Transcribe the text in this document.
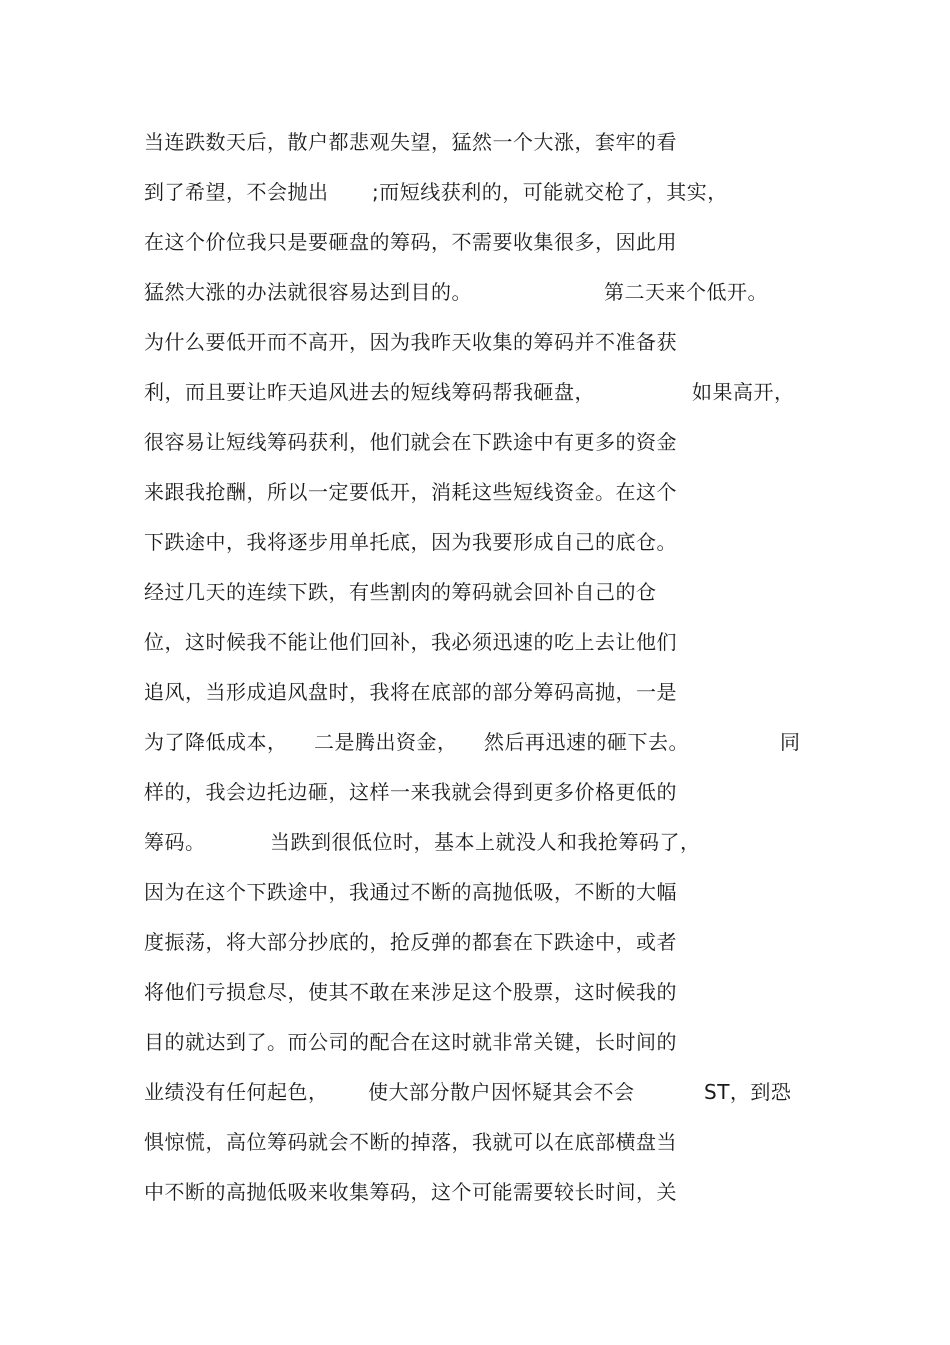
当连跌数天后，散户都悲观失望，猛然一个大涨，套牢的看
到了希望，不会抛出 ;而短线获利的，可能就交枪了，其实，
在这个价位我只是要砸盘的筹码，不需要收集很多，因此用
猛然大涨的办法就很容易达到目的。	第二天来个低开。
为什么要低开而不高开，因为我昨天收集的筹码并不准备获
利，而且要让昨天追风进去的短线筹码帮我砸盘，	如果高开，
很容易让短线筹码获利，他们就会在下跌途中有更多的资金
来跟我抢酬，所以一定要低开，消耗这些短线资金。在这个
下跌途中，我将逐步用单托底，因为我要形成自己的底仓。
经过几天的连续下跌，有些割肉的筹码就会回补自己的仓
位，这时候我不能让他们回补，我必须迅速的吃上去让他们
追风，当形成追风盘时，我将在底部的部分筹码高抛，一是
为了降低成本， 二是腾出资金， 然后再迅速的砸下去。	同
样的，我会边托边砸，这样一来我就会得到更多价格更低的
筹码。	当跌到很低位时，基本上就没人和我抢筹码了，
因为在这个下跌途中，我通过不断的高抛低吸，不断的大幅
度振荡，将大部分抄底的，抢反弹的都套在下跌途中，或者
将他们亏损怠尽，使其不敢在来涉足这个股票，这时候我的
目的就达到了。而公司的配合在这时就非常关键，长时间的
业绩没有任何起色， 使大部分散户因怀疑其会不会	ST，到恐
惧惊慌，高位筹码就会不断的掉落，我就可以在底部横盘当
中不断的高抛低吸来收集筹码，这个可能需要较长时间，关
